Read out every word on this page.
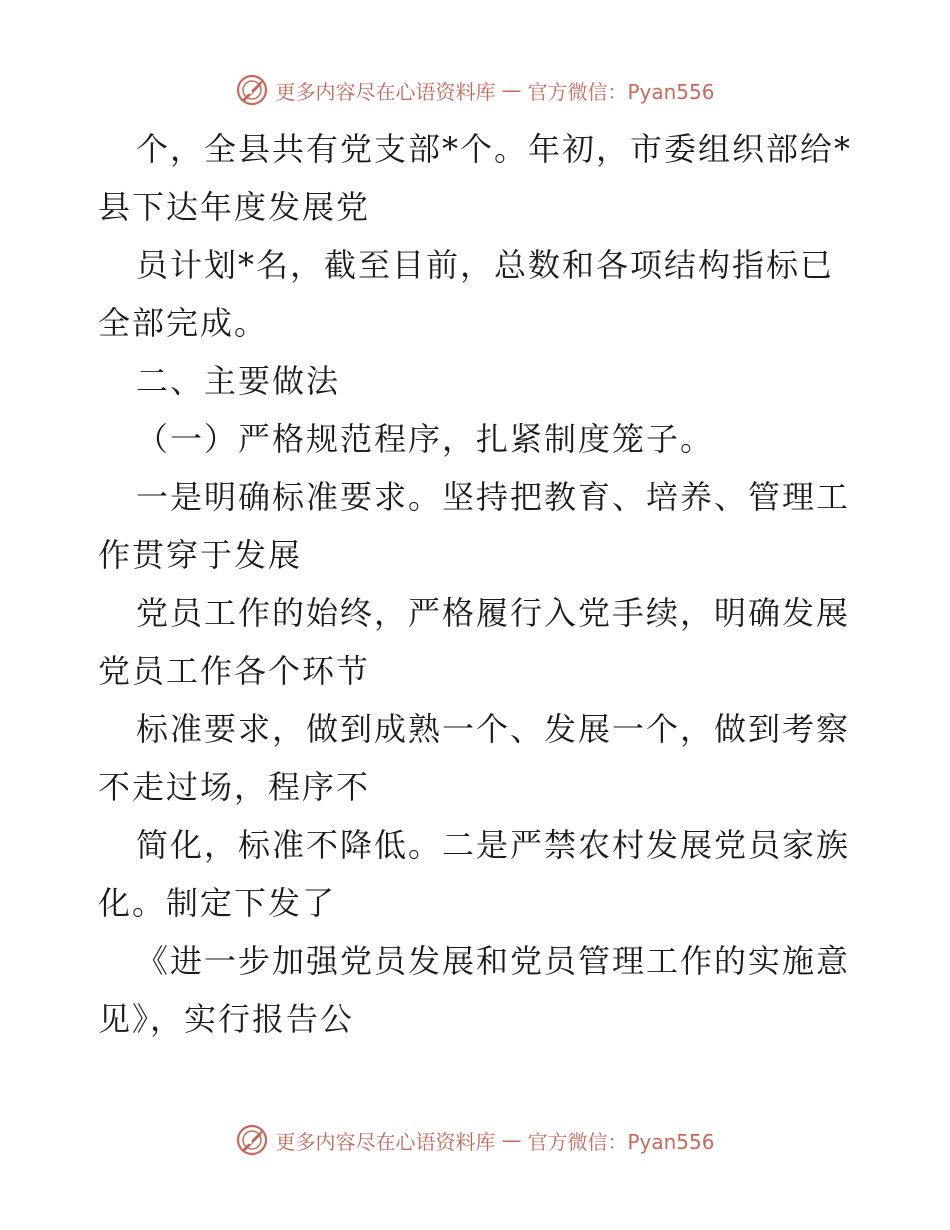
更多内容尽在心语资料库 — 官方微信：Pyan556

个，全县共有党支部*个。年初，市委组织部给*
县下达年度发展党

员计划*名，截至目前，总数和各项结构指标已
全部完成。

二、主要做法

（一）严格规范程序，扎紧制度笼子。

一是明确标准要求。坚持把教育、培养、管理工
作贯穿于发展

党员工作的始终，严格履行入党手续，明确发展
党员工作各个环节

标准要求，做到成熟一个、发展一个，做到考察
不走过场，程序不

简化，标准不降低。二是严禁农村发展党员家族
化。制定下发了

《进一步加强党员发展和党员管理工作的实施意
见》，实行报告公

更多内容尽在心语资料库 — 官方微信：Pyan556
